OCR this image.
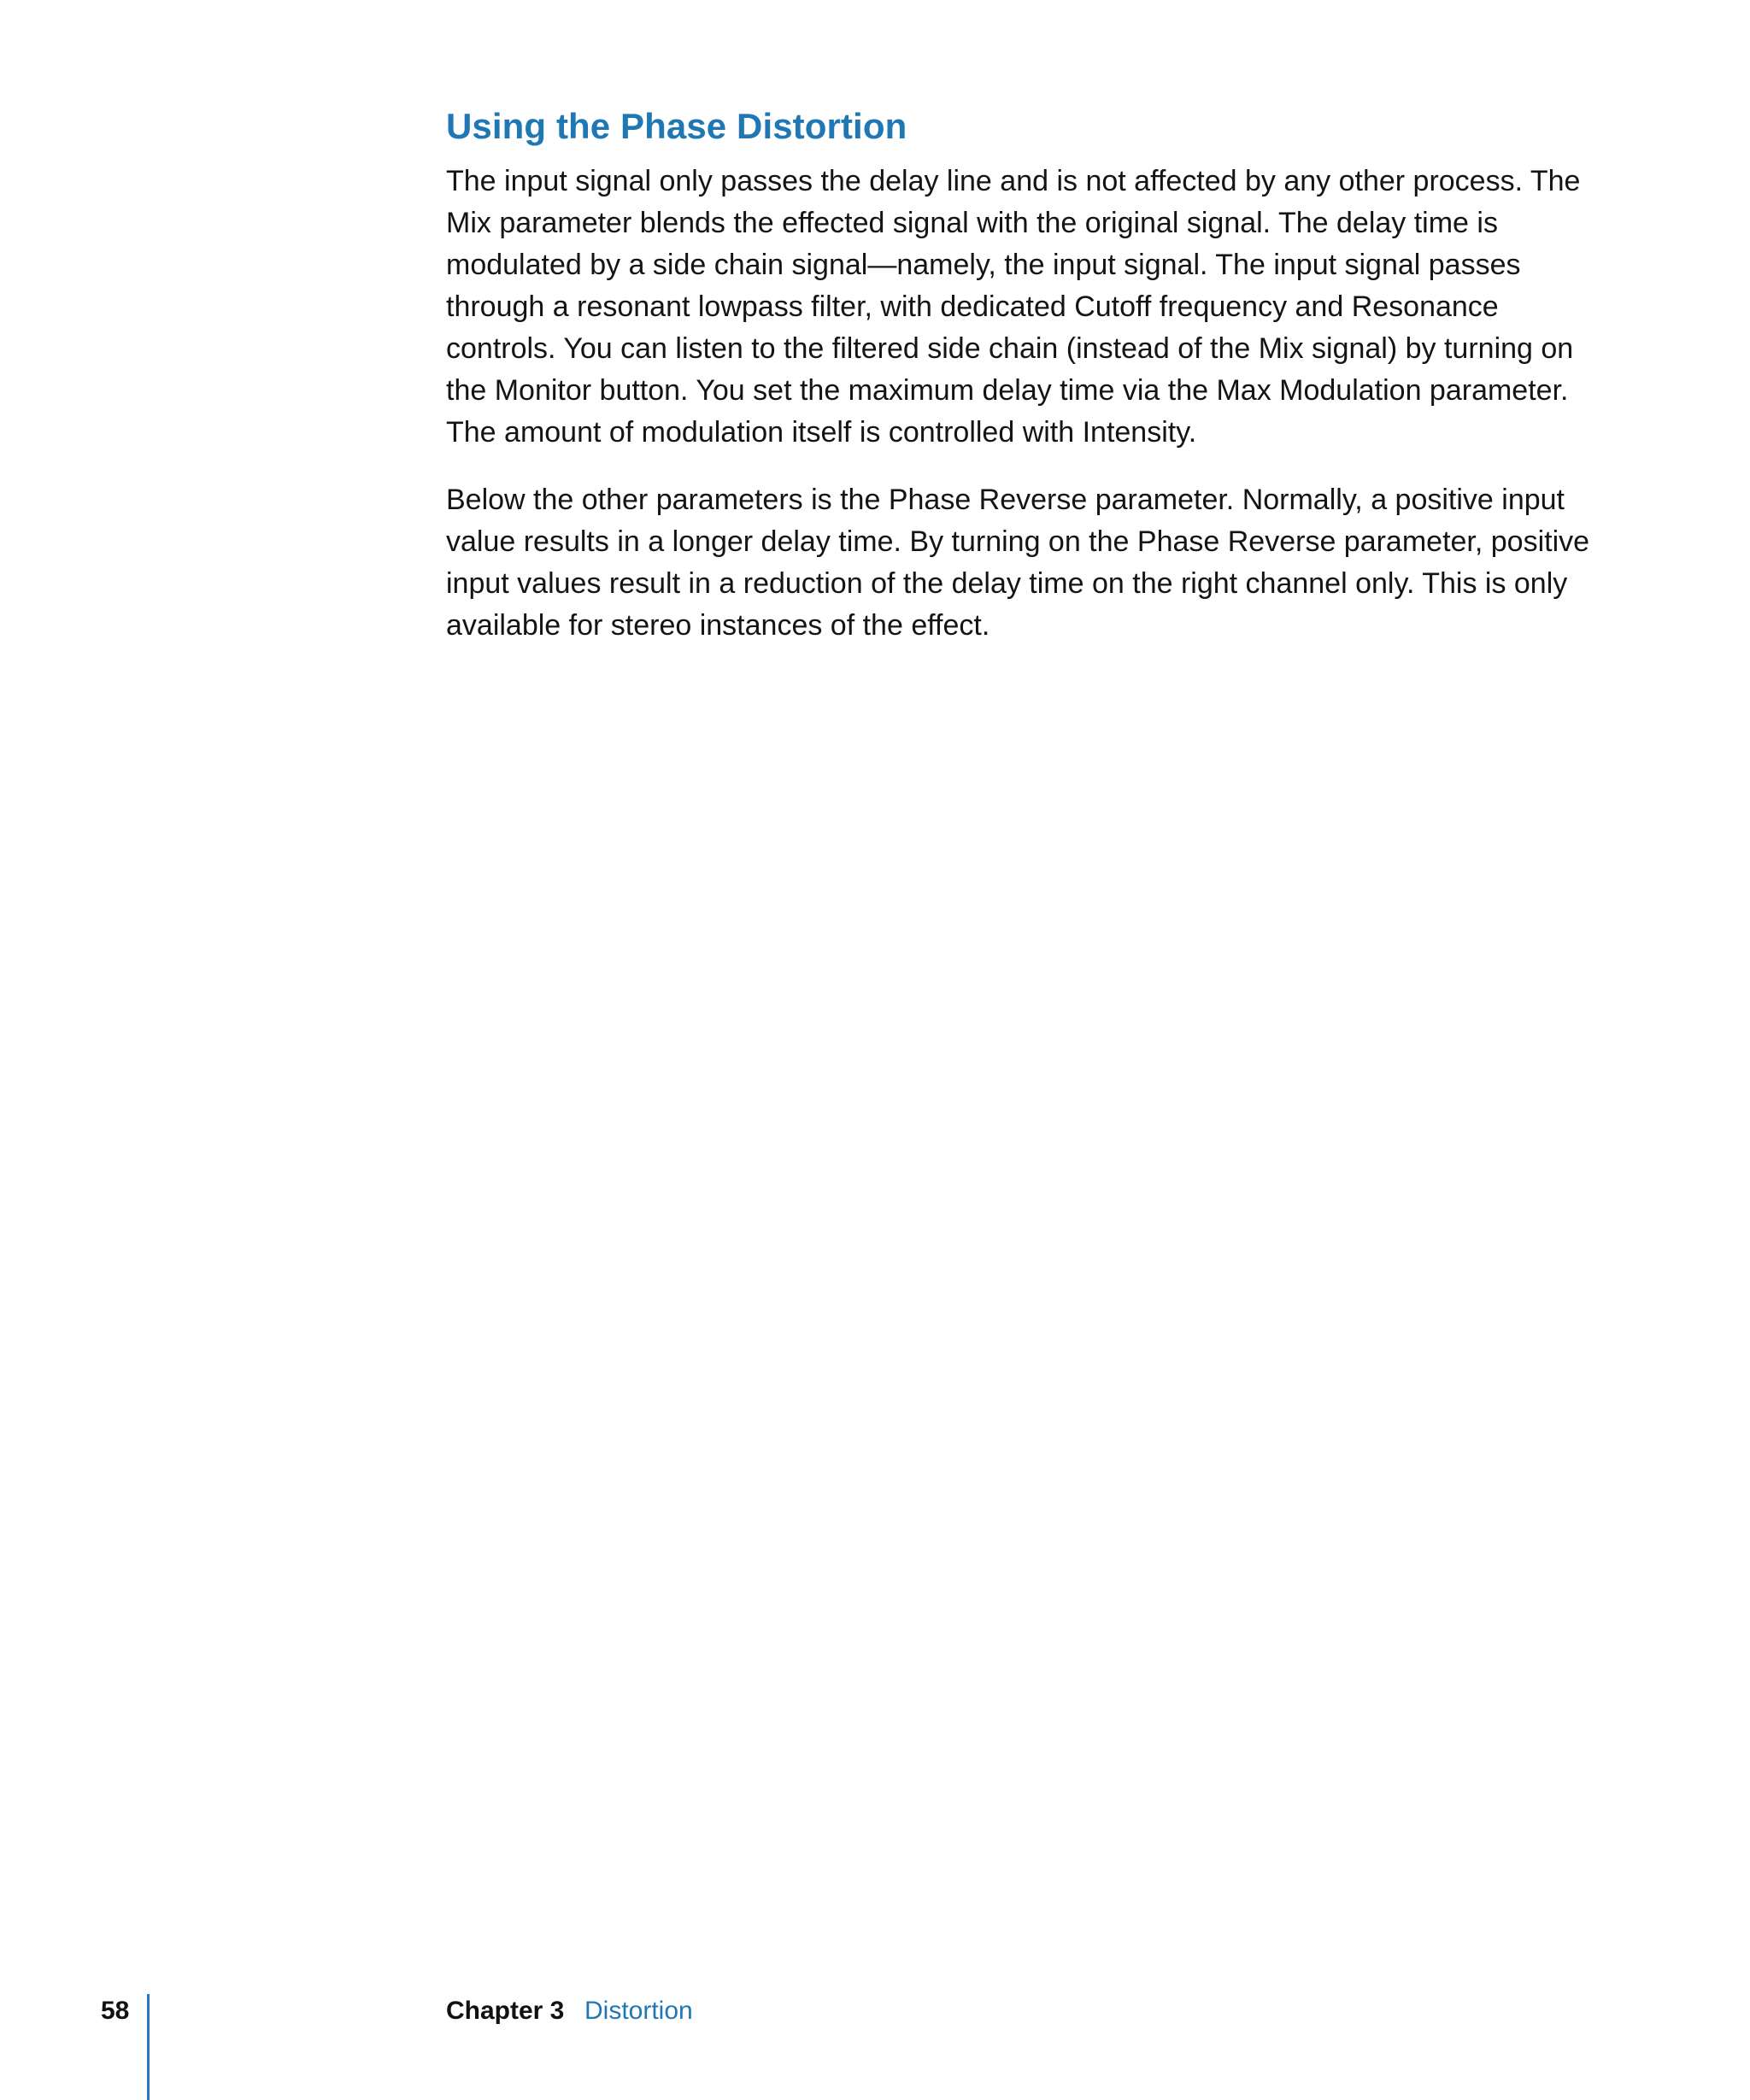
Using the Phase Distortion

The input signal only passes the delay line and is not affected by any other process. The Mix parameter blends the effected signal with the original signal. The delay time is modulated by a side chain signal—namely, the input signal. The input signal passes through a resonant lowpass filter, with dedicated Cutoff frequency and Resonance controls. You can listen to the filtered side chain (instead of the Mix signal) by turning on the Monitor button. You set the maximum delay time via the Max Modulation parameter. The amount of modulation itself is controlled with Intensity.

Below the other parameters is the Phase Reverse parameter. Normally, a positive input value results in a longer delay time. By turning on the Phase Reverse parameter, positive input values result in a reduction of the delay time on the right channel only. This is only available for stereo instances of the effect.

58	Chapter 3 Distortion
